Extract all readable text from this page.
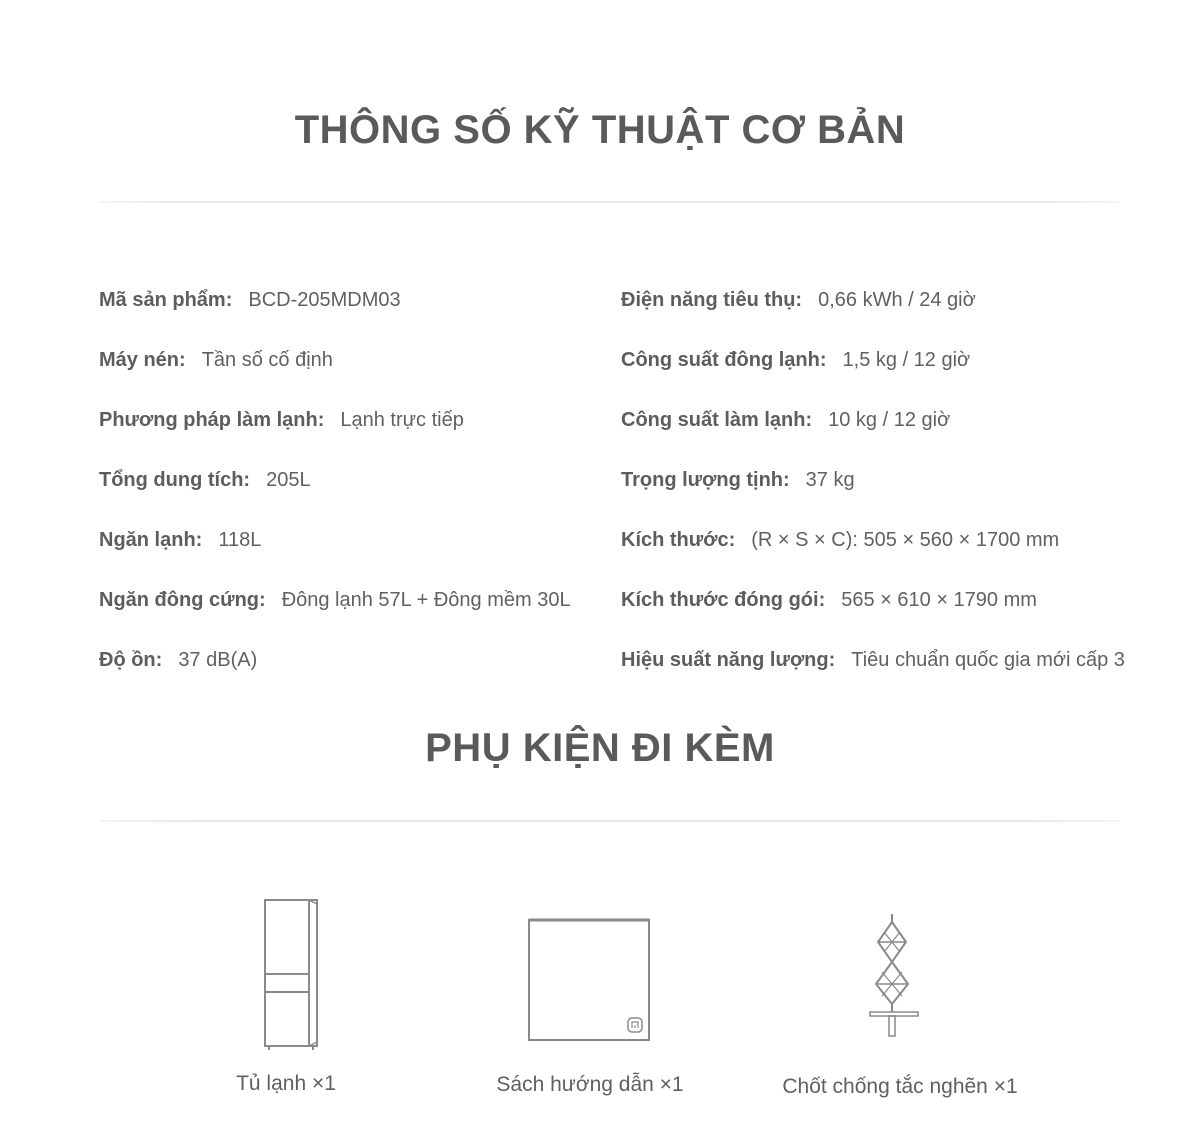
THÔNG SỐ KỸ THUẬT CƠ BẢN
Mã sản phẩm: BCD-205MDM03
Máy nén: Tần số cố định
Phương pháp làm lạnh: Lạnh trực tiếp
Tổng dung tích: 205L
Ngăn lạnh: 118L
Ngăn đông cứng: Đông lạnh 57L + Đông mềm 30L
Độ ồn: 37 dB(A)
Điện năng tiêu thụ: 0,66 kWh / 24 giờ
Công suất đông lạnh: 1,5 kg / 12 giờ
Công suất làm lạnh: 10 kg / 12 giờ
Trọng lượng tịnh: 37 kg
Kích thước: (R × S × C): 505 × 560 × 1700 mm
Kích thước đóng gói: 565 × 610 × 1790 mm
Hiệu suất năng lượng: Tiêu chuẩn quốc gia mới cấp 3
PHỤ KIỆN ĐI KÈM
Tủ lạnh ×1	Sách hướng dẫn ×1	Chốt chống tắc nghẽn ×1
